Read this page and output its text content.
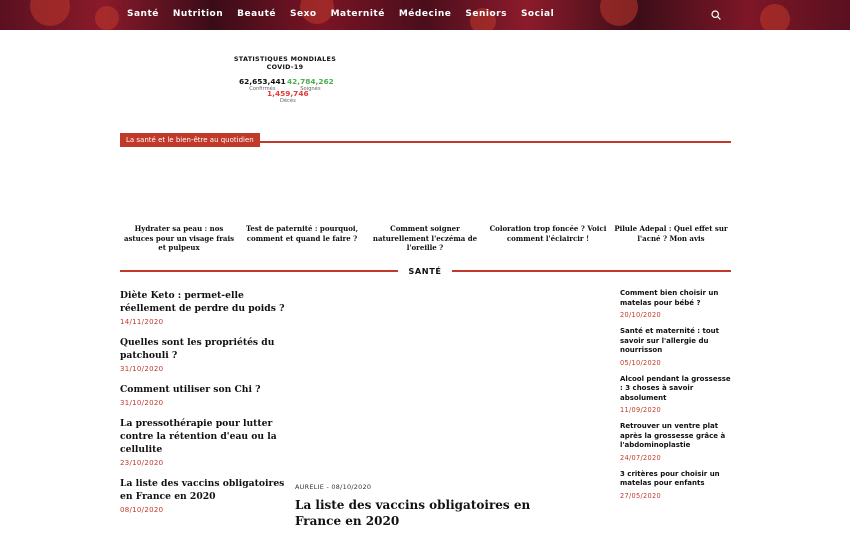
Santé Nutrition Beauté Sexo Maternité Médecine Seniors Social
STATISTIQUES MONDIALES COVID-19
62,653,441
Confirmés
42,784,262
Soignés
1,459,746
Décès
La santé et le bien-être au quotidien
Hydrater sa peau : nos astuces pour un visage frais et pulpeux
Test de paternité : pourquoi, comment et quand le faire ?
Comment soigner naturellement l'eczéma de l'oreille ?
Coloration trop foncée ? Voici comment l'éclaircir !
Pilule Adepal : Quel effet sur l'acné ? Mon avis
SANTÉ
Diète Keto : permet-elle réellement de perdre du poids ?
14/11/2020
Quelles sont les propriétés du patchouli ?
31/10/2020
Comment utiliser son Chi ?
31/10/2020
La pressothérapie pour lutter contre la rétention d'eau ou la cellulite
23/10/2020
La liste des vaccins obligatoires en France en 2020
08/10/2020
AURELIE - 08/10/2020
La liste des vaccins obligatoires en France en 2020
Comment bien choisir un matelas pour bébé ?
20/10/2020
Santé et maternité : tout savoir sur l'allergie du nourrisson
05/10/2020
Alcool pendant la grossesse : 3 choses à savoir absolument
11/09/2020
Retrouver un ventre plat après la grossesse grâce à l'abdominoplastie
24/07/2020
3 critères pour choisir un matelas pour enfants
27/05/2020
